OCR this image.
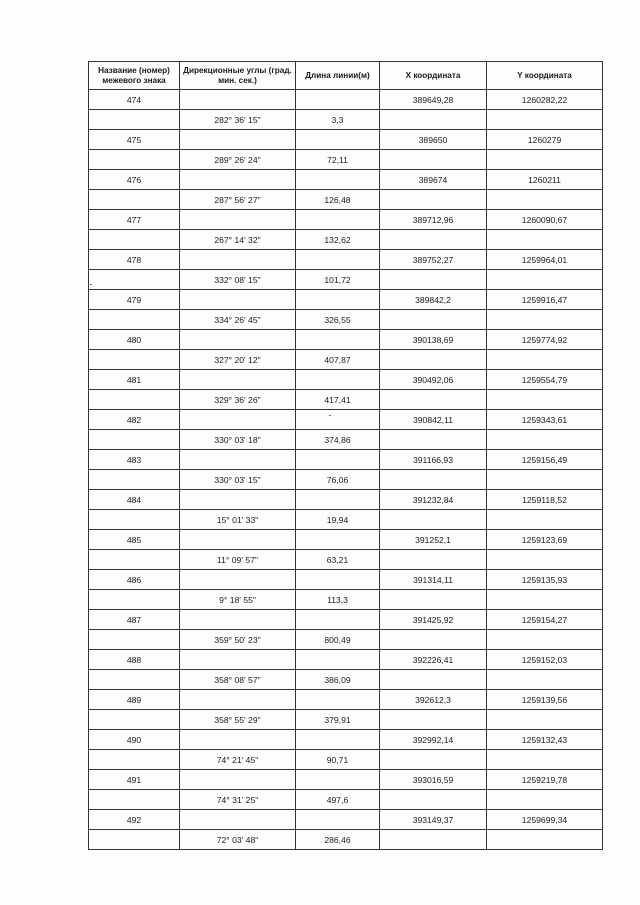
Название (номер) межевого знака	Дирекционные углы (град. мин. сек.)	Длина линии(м)	Х координата	Y координата
474			389649,28	1260282,22
	282° 36' 15"	3,3		
475			389650	1260279
	289° 26' 24"	72,11		
476			389674	1260211
	287° 56' 27"	126,48		
477			389712,96	1260090,67
	267° 14' 32"	132,62		
478			389752,27	1259964,01
	332° 08' 15"	101,72		
479			389842,2	1259916,47
	334° 26' 45"	326,55		
480			390138,69	1259774,92
	327° 20' 12"	407,87		
481			390492,06	1259554,79
	329° 36' 26"	417,41		
482			390842,11	1259343,61
	330° 03' 18"	374,86		
483			391166,93	1259156,49
	330° 03' 15"	76,06		
484			391232,84	1259118,52
	15° 01' 33"	19,94		
485			391252,1	1259123,69
	11° 09' 57"	63,21		
486			391314,11	1259135,93
	9° 18' 55"	113,3		
487			391425,92	1259154,27
	359° 50' 23"	800,49		
488			392226,41	1259152,03
	358° 08' 57"	386,09		
489			392612,3	1259139,56
	358° 55' 29"	379,91		
490			392992,14	1259132,43
	74° 21' 45"	90,71		
491			393016,59	1259219,78
	74° 31' 25"	497,6		
492			393149,37	1259699,34
	72° 03' 48"	286,46		
